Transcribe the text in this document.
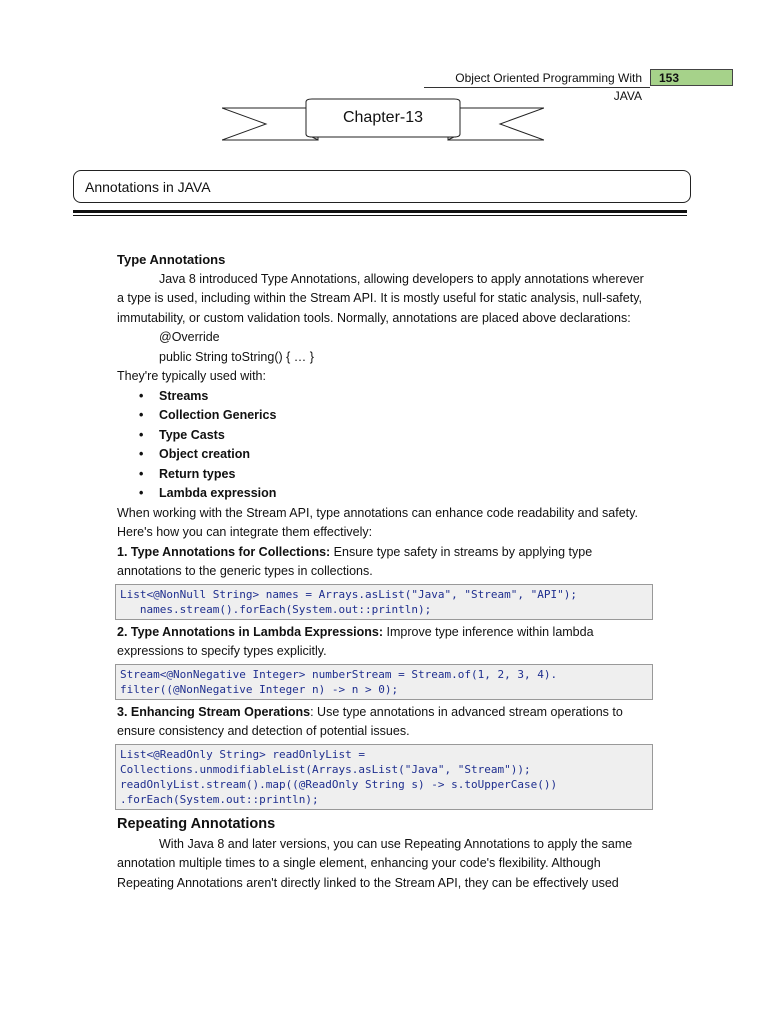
Object Oriented Programming With JAVA
153
Chapter-13
Annotations in JAVA

Type Annotations

Java 8 introduced Type Annotations, allowing developers to apply annotations wherever a type is used, including within the Stream API. It is mostly useful for static analysis, null-safety, immutability, or custom validation tools. Normally, annotations are placed above declarations:

@Override

public String toString() { … }

They're typically used with:

• Streams
• Collection Generics
• Type Casts
• Object creation
• Return types
• Lambda expression

When working with the Stream API, type annotations can enhance code readability and safety. Here's how you can integrate them effectively:

1. Type Annotations for Collections: Ensure type safety in streams by applying type annotations to the generic types in collections.

List<@NonNull String> names = Arrays.asList("Java", "Stream", "API");
names.stream().forEach(System.out::println);

2. Type Annotations in Lambda Expressions: Improve type inference within lambda expressions to specify types explicitly.

Stream<@NonNegative Integer> numberStream = Stream.of(1, 2, 3, 4).
filter((@NonNegative Integer n) -> n > 0);

3. Enhancing Stream Operations: Use type annotations in advanced stream operations to ensure consistency and detection of potential issues.

List<@ReadOnly String> readOnlyList =
Collections.unmodifiableList(Arrays.asList("Java", "Stream"));
readOnlyList.stream().map((@ReadOnly String s) -> s.toUpperCase())
.forEach(System.out::println);

Repeating Annotations

With Java 8 and later versions, you can use Repeating Annotations to apply the same annotation multiple times to a single element, enhancing your code's flexibility. Although Repeating Annotations aren't directly linked to the Stream API, they can be effectively used
